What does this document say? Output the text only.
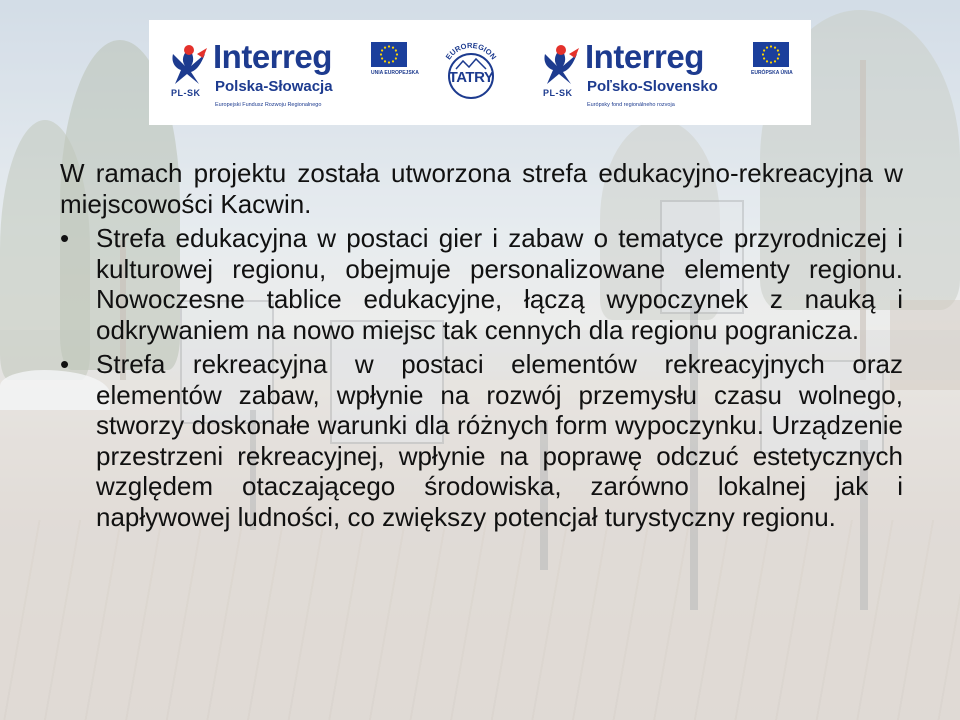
PL-SK
Interreg	UNIA EUROPEJSKA
Polska-Słowacja
Europejski Fundusz Rozwoju Regionalnego
EUROREGION
TATRY
PL-SK
Interreg	EURÓPSKA ÚNIA
Poľsko-Slovensko
Európsky fond regionálneho rozvoja

W ramach projektu została utworzona strefa edukacyjno-rekreacyjna w miejscowości Kacwin.

• Strefa edukacyjna w postaci gier i zabaw o tematyce przyrodniczej i kulturowej regionu, obejmuje personalizowane elementy regionu. Nowoczesne tablice edukacyjne, łączą wypoczynek z nauką i odkrywaniem na nowo miejsc tak cennych dla regionu pogranicza.
• Strefa rekreacyjna w postaci elementów rekreacyjnych oraz elementów zabaw, wpłynie na rozwój przemysłu czasu wolnego, stworzy doskonałe warunki dla różnych form wypoczynku. Urządzenie przestrzeni rekreacyjnej, wpłynie na poprawę odczuć estetycznych względem otaczającego środowiska, zarówno lokalnej jak i napływowej ludności, co zwiększy potencjał turystyczny regionu.
